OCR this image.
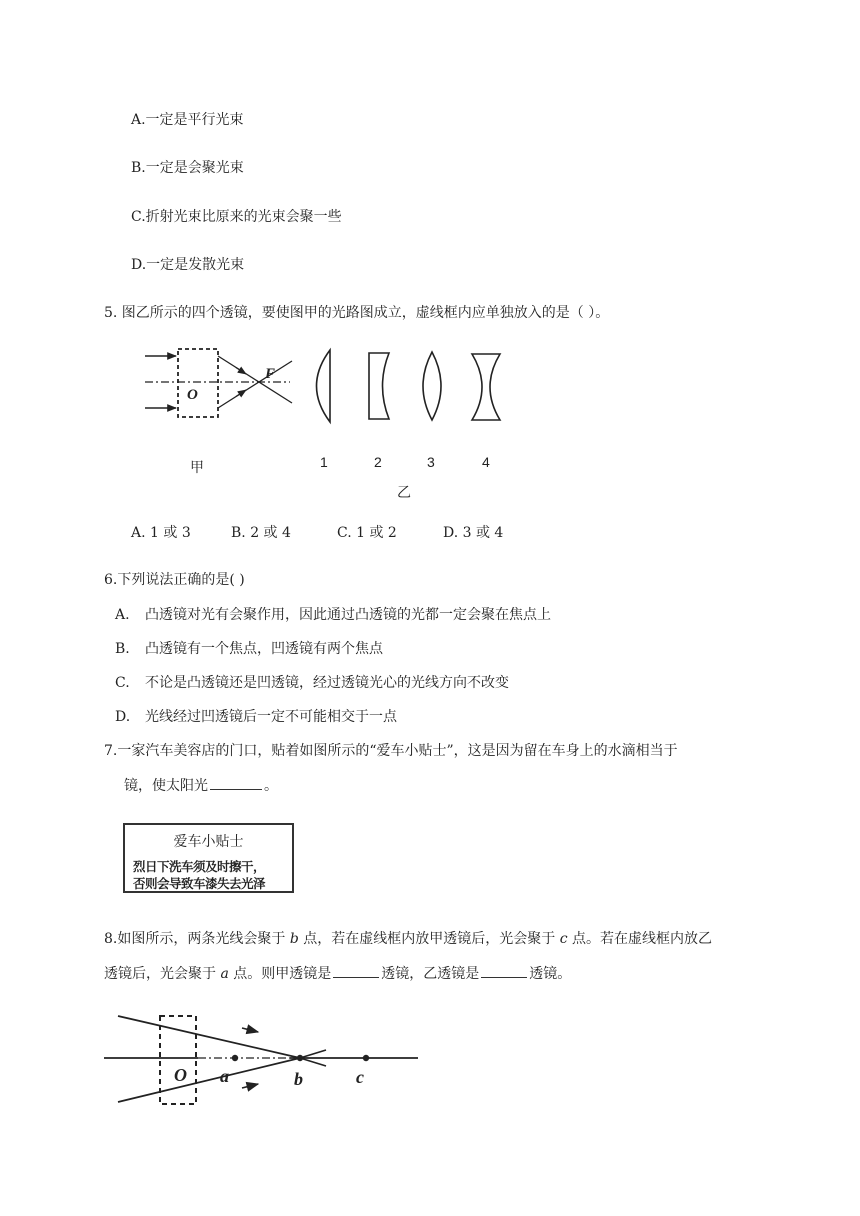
A.一定是平行光束
B.一定是会聚光束
C.折射光束比原来的光束会聚一些
D.一定是发散光束
5. 图乙所示的四个透镜，要使图甲的光路图成立，虚线框内应单独放入的是（ ）。
O
F
甲	1	2	3	4
乙
A. 1 或 3	B. 2 或 4	C. 1 或 2	D. 3 或 4
6.下列说法正确的是( )
A. 凸透镜对光有会聚作用，因此通过凸透镜的光都一定会聚在焦点上
B. 凸透镜有一个焦点，凹透镜有两个焦点
C. 不论是凸透镜还是凹透镜，经过透镜光心的光线方向不改变
D. 光线经过凹透镜后一定不可能相交于一点
7.一家汽车美容店的门口，贴着如图所示的“爱车小贴士”，这是因为留在车身上的水滴相当于
镜，使太阳光	。
爱车小贴士
烈日下洗车须及时擦干，
否则会导致车漆失去光泽
8.如图所示，两条光线会聚于 b 点，若在虚线框内放甲透镜后，光会聚于 c 点。若在虚线框内放乙
透镜后，光会聚于 a 点。则甲透镜是	透镜，乙透镜是	透镜。
O a	b	c
